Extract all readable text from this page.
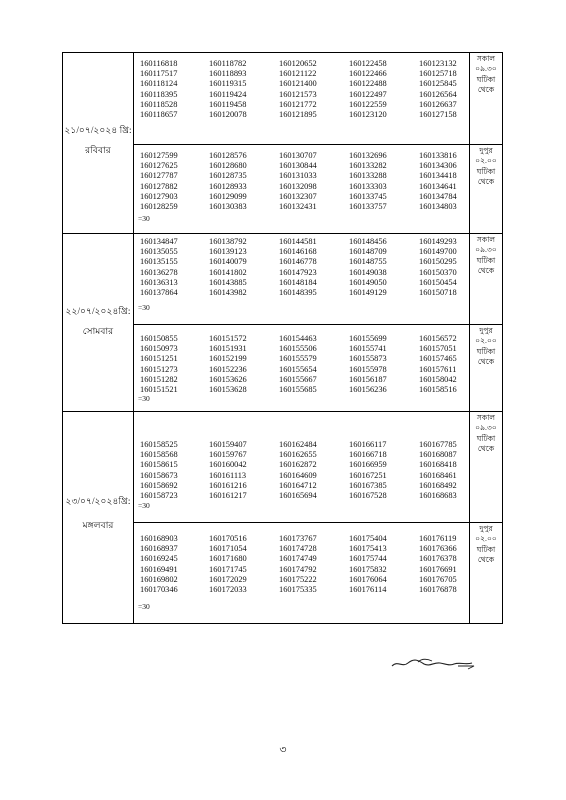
২১/০৭/২০২৪ খ্রি:
রবিবার
160116818	160118782	160120652	160122458	160123132
160117517	160118893	160121122	160122466	160125718
160118124	160119315	160121400	160122488	160125845
160118395	160119424	160121573	160122497	160126564
160118528	160119458	160121772	160122559	160126637
160118657	160120078	160121895	160123120	160127158
সকাল
০৯.৩০
ঘটিকা
থেকে
160127599	160128576	160130707	160132696	160133816
160127625	160128680	160130844	160133282	160134306
160127787	160128735	160131033	160133288	160134418
160127882	160128933	160132098	160133303	160134641
160127903	160129099	160132307	160133745	160134784
160128259	160130383	160132431	160133757	160134803
=30
দুপুর
০২.০০
ঘটিকা
থেকে
২২/০৭/২০২৪খ্রি:
সোমবার
160134847	160138792	160144581	160148456	160149293
160135055	160139123	160146168	160148709	160149700
160135155	160140079	160146778	160148755	160150295
160136278	160141802	160147923	160149038	160150370
160136313	160143885	160148184	160149050	160150454
160137864	160143982	160148395	160149129	160150718
=30
সকাল
০৯.৩০
ঘটিকা
থেকে
160150855	160151572	160154463	160155699	160156572
160150973	160151931	160155506	160155741	160157051
160151251	160152199	160155579	160155873	160157465
160151273	160152236	160155654	160155978	160157611
160151282	160153626	160155667	160156187	160158042
160151521	160153628	160155685	160156236	160158516
=30
দুপুর
০২.০০
ঘটিকা
থেকে
২৩/০৭/২০২৪খ্রি:
মঙ্গলবার
160158525	160159407	160162484	160166117	160167785
160158568	160159767	160162655	160166718	160168087
160158615	160160042	160162872	160166959	160168418
160158673	160161113	160164609	160167251	160168461
160158692	160161216	160164712	160167385	160168492
160158723	160161217	160165694	160167528	160168683
=30
সকাল
০৯.৩০
ঘটিকা
থেকে
160168903	160170516	160173767	160175404	160176119
160168937	160171054	160174728	160175413	160176366
160169245	160171680	160174749	160175744	160176378
160169491	160171745	160174792	160175832	160176691
160169802	160172029	160175222	160176064	160176705
160170346	160172033	160175335	160176114	160176878
=30
দুপুর
০২.০০
ঘটিকা
থেকে
৩
